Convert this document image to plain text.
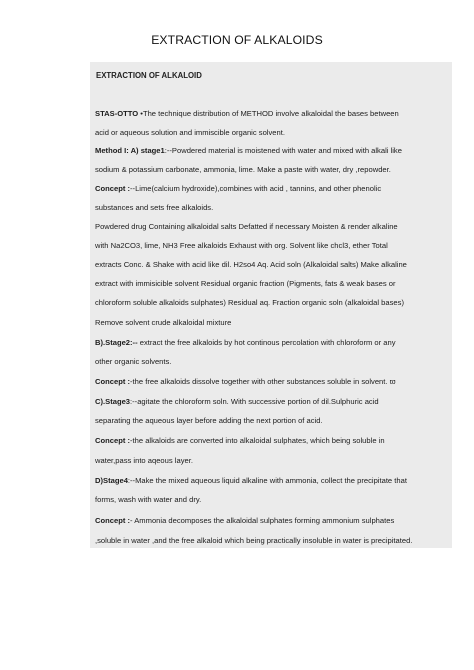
EXTRACTION OF ALKALOIDS
EXTRACTION OF ALKALOID
STAS-OTTO •The technique distribution of METHOD involve alkaloidal the bases between
acid or aqueous solution and immiscible organic solvent.
Method I: A) stage1:--Powdered material is moistened with water and mixed with alkali like
sodium & potassium carbonate, ammonia, lime. Make a paste with water, dry ,repowder.
Concept :--Lime(calcium hydroxide),combines with acid , tannins, and other phenolic
substances and sets free alkaloids.
Powdered drug Containing alkaloidal salts Defatted if necessary Moisten & render alkaline
with Na2CO3, lime, NH3 Free alkaloids Exhaust with org. Solvent like chcl3, ether Total
extracts Conc. & Shake with acid like dil. H2so4 Aq. Acid soln (Alkaloidal salts) Make alkaline
extract with immisicible solvent Residual organic fraction (Pigments, fats & weak bases or
chloroform soluble alkaloids sulphates) Residual aq. Fraction organic soln (alkaloidal bases)
Remove solvent crude alkaloidal mixture
B).Stage2:-- extract the free alkaloids by hot continous percolation with chloroform or any
other organic solvents.
Concept :-the free alkaloids dissolve together with other substances soluble in solvent. ϖ
C).Stage3:--agitate the chloroform soln. With successive portion of dil.Sulphuric acid
separating the aqueous layer before adding the next portion of acid.
Concept :-the alkaloids are converted into alkaloidal sulphates, which being soluble in
water,pass into aqeous layer.
D)Stage4:--Make the mixed aqueous liquid alkaline with ammonia, collect the precipitate that
forms, wash with water and dry.
Concept :- Ammonia decomposes the alkaloidal sulphates forming ammonium sulphates
,soluble in water ,and the free alkaloid which being practically insoluble in water is precipitated.
